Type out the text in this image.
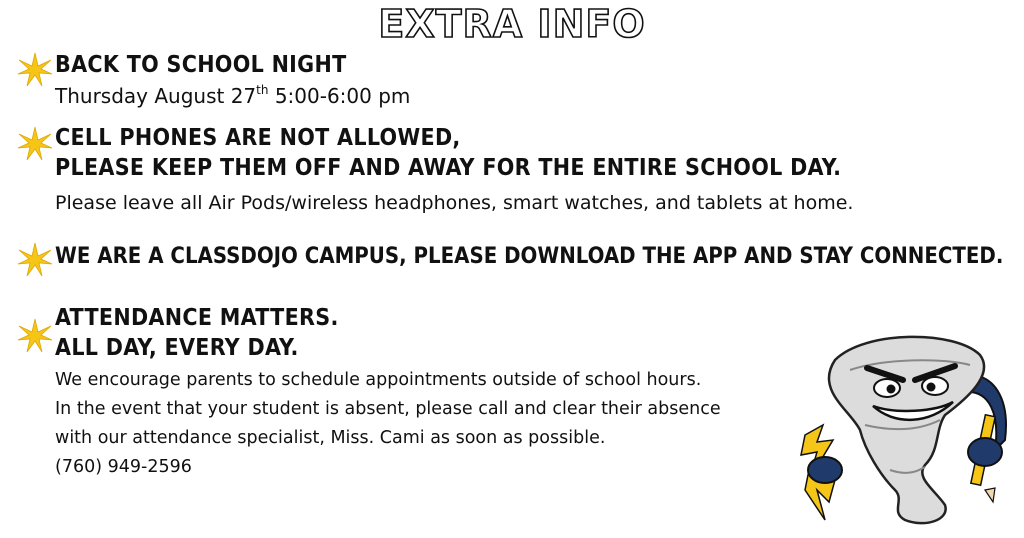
EXTRA INFO
BACK TO SCHOOL NIGHT
Thursday August 27th 5:00-6:00 pm
CELL PHONES ARE NOT ALLOWED,
PLEASE KEEP THEM OFF AND AWAY FOR THE ENTIRE SCHOOL DAY.
Please leave all Air Pods/wireless headphones, smart watches, and tablets at home.
WE ARE A CLASSDOJO CAMPUS, PLEASE DOWNLOAD THE APP AND STAY CONNECTED.
ATTENDANCE MATTERS.
ALL DAY, EVERY DAY.
We encourage parents to schedule appointments outside of school hours.
In the event that your student is absent, please call and clear their absence
with our attendance specialist, Miss. Cami as soon as possible.
(760) 949-2596
